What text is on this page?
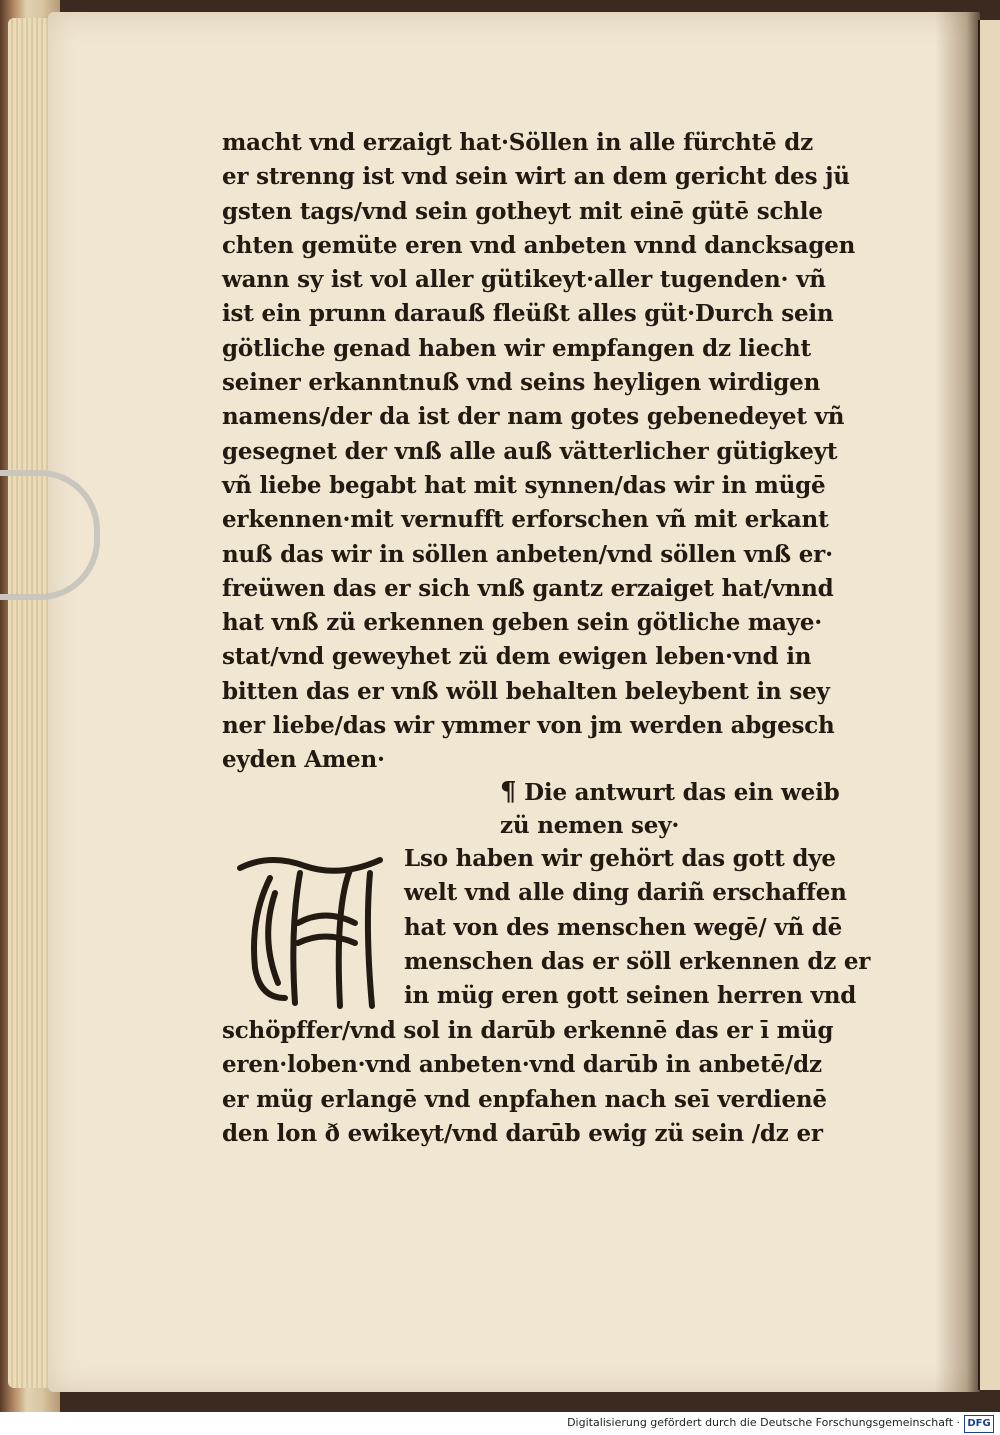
macht vnd erzaigt hat·Söllen in alle fürchtē dz
er strenng ist vnd sein wirt an dem gericht des jü
gsten tags/vnd sein gotheyt mit einē gütē schle
chten gemüte eren vnd anbeten vnnd dancksagen
wann sy ist vol aller gütikeyt·aller tugenden· vñ
ist ein prunn darauß fleüßt alles güt·Durch sein
götliche genad haben wir empfangen dz liecht
seiner erkanntnuß vnd seins heyligen wirdigen
namens/der da ist der nam gotes gebenedeyet vñ
gesegnet der vnß alle auß vätterlicher gütigkeyt
vñ liebe begabt hat mit synnen/das wir in mügē
erkennen·mit vernufft erforschen vñ mit erkant
nuß das wir in söllen anbeten/vnd söllen vnß er·
freüwen das er sich vnß gantz erzaiget hat/vnnd
hat vnß zü erkennen geben sein götliche maye·
stat/vnd geweyhet zü dem ewigen leben·vnd in
bitten das er vnß wöll behalten beleybent in sey
ner liebe/das wir ymmer von jm werden abgesch
eyden Amen·
¶ Die antwurt das ein weib
zü nemen sey·
A	Lso haben wir gehört das gott dye
welt vnd alle ding dariñ erschaffen
hat von des menschen wegē/ vñ dē
menschen das er söll erkennen dz er
in müg eren gott seinen herren vnd
schöpffer/vnd sol in darūb erkennē das er ī müg
eren·loben·vnd anbeten·vnd darūb in anbetē/dz
er müg erlangē vnd enpfahen nach seī verdienē
den lon ð ewikeyt/vnd darūb ewig zü sein /dz er
Digitalisierung gefördert durch die Deutsche Forschungsgemeinschaft · DFG
